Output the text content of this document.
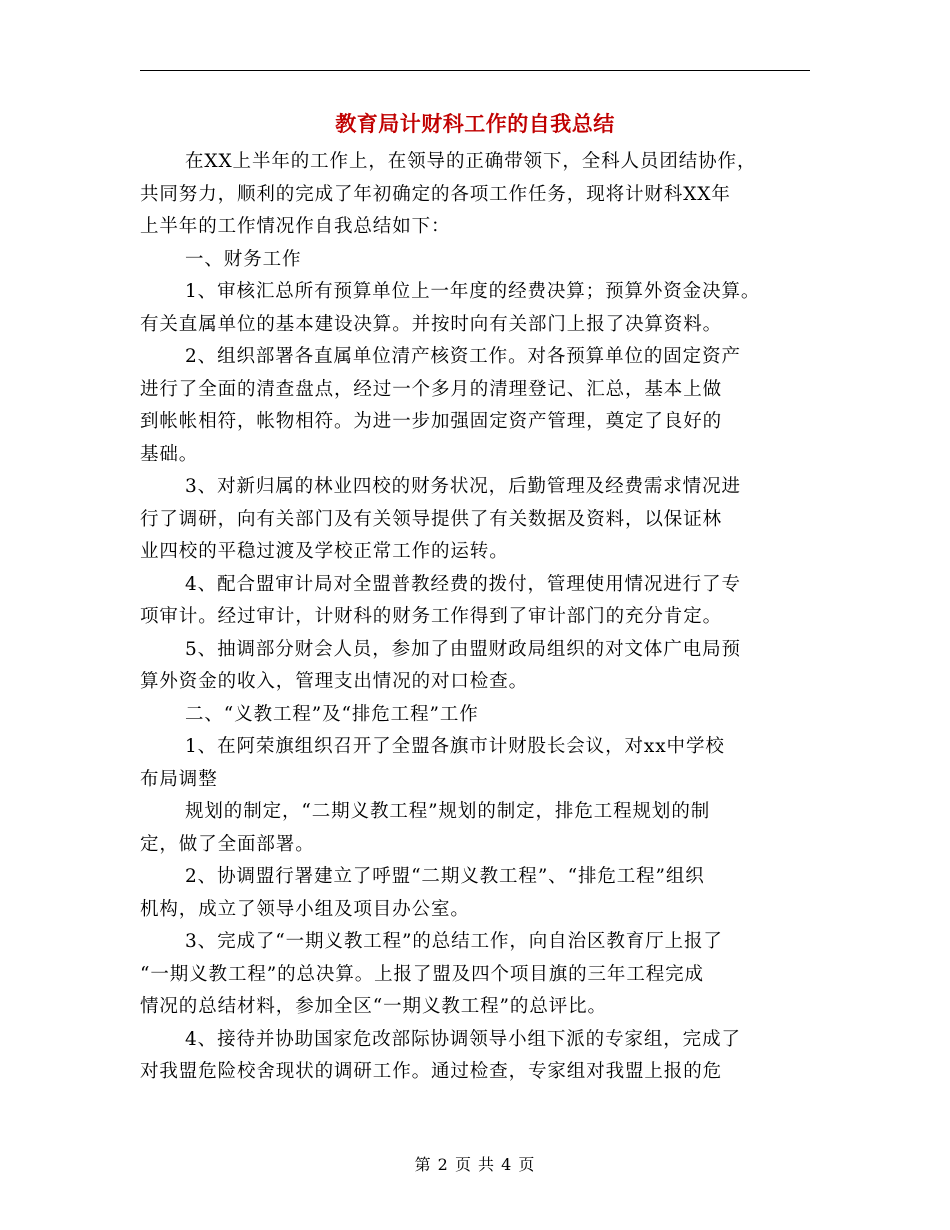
教育局计财科工作的自我总结
在XX上半年的工作上，在领导的正确带领下，全科人员团结协作，
共同努力，顺利的完成了年初确定的各项工作任务，现将计财科XX年
上半年的工作情况作自我总结如下：
一、财务工作
1、审核汇总所有预算单位上一年度的经费决算；预算外资金决算。
有关直属单位的基本建设决算。并按时向有关部门上报了决算资料。
2、组织部署各直属单位清产核资工作。对各预算单位的固定资产
进行了全面的清查盘点，经过一个多月的清理登记、汇总，基本上做
到帐帐相符，帐物相符。为进一步加强固定资产管理，奠定了良好的
基础。
3、对新归属的林业四校的财务状况，后勤管理及经费需求情况进
行了调研，向有关部门及有关领导提供了有关数据及资料，以保证林
业四校的平稳过渡及学校正常工作的运转。
4、配合盟审计局对全盟普教经费的拨付，管理使用情况进行了专
项审计。经过审计，计财科的财务工作得到了审计部门的充分肯定。
5、抽调部分财会人员，参加了由盟财政局组织的对文体广电局预
算外资金的收入，管理支出情况的对口检查。
二、“义教工程”及“排危工程”工作
1、在阿荣旗组织召开了全盟各旗市计财股长会议，对xx中学校
布局调整
规划的制定，“二期义教工程”规划的制定，排危工程规划的制
定，做了全面部署。
2、协调盟行署建立了呼盟“二期义教工程”、“排危工程”组织
机构，成立了领导小组及项目办公室。
3、完成了“一期义教工程”的总结工作，向自治区教育厅上报了
“一期义教工程”的总决算。上报了盟及四个项目旗的三年工程完成
情况的总结材料，参加全区“一期义教工程”的总评比。
4、接待并协助国家危改部际协调领导小组下派的专家组，完成了
对我盟危险校舍现状的调研工作。通过检查，专家组对我盟上报的危
第 2 页 共 4 页
